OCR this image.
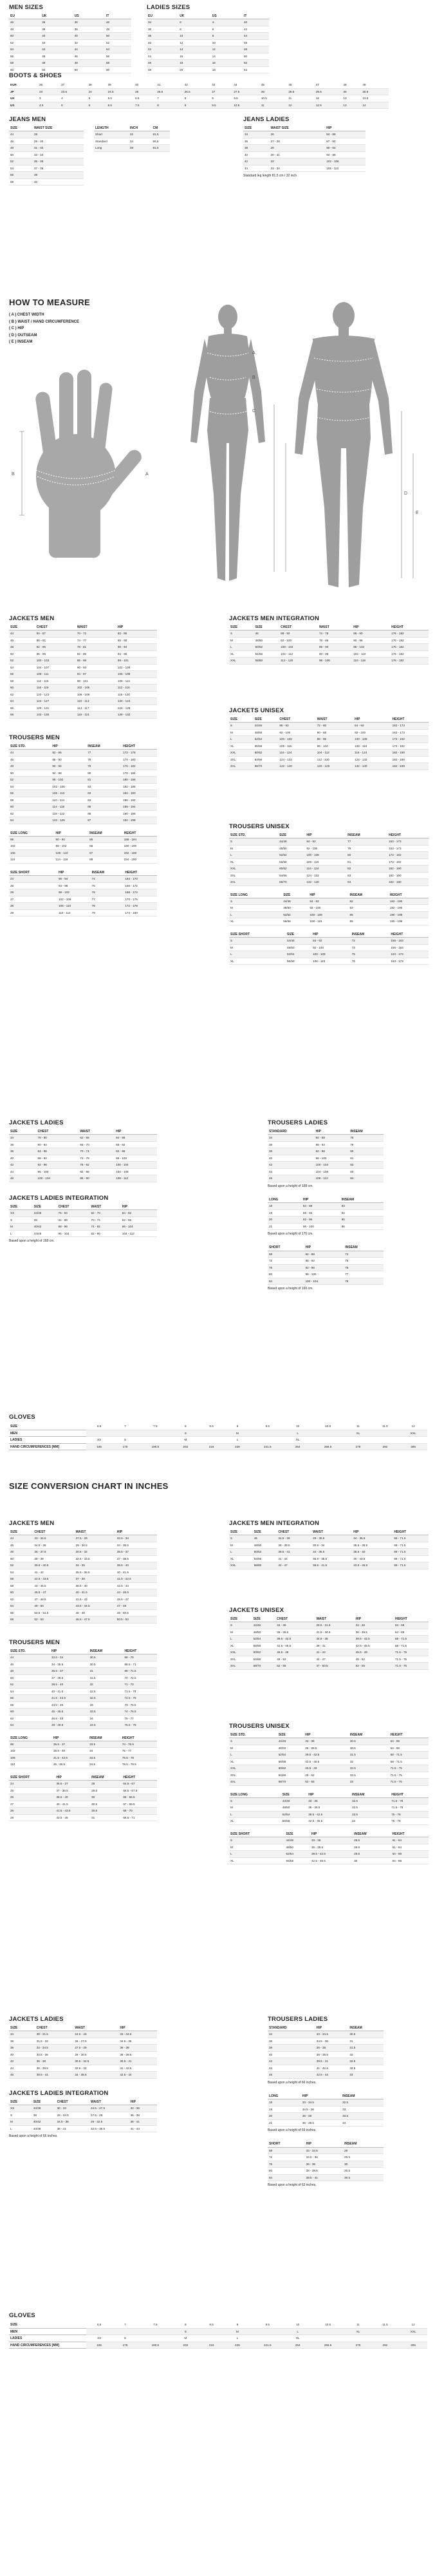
MEN SIZES
EU	UK	US	IT
46	36	36	46
48	38	38	48
50	40	40	50
52	42	42	52
54	44	44	54
56	46	46	56
58	48	48	58
60	50	50	60
LADIES SIZES
EU	UK	US	IT
34	6	4	40
36	8	6	42
38	10	8	44
40	12	10	46
42	14	12	48
44	16	14	50
46	18	16	52
48	20	18	54
BOOTS & SHOES
EUR	36	37	38	39	40	41	42	43	44	45	46	47	48	49
JP	23	23.5	24	24.5	25	25.5	26.5	27	27.5	28	28.5	29.5	30	30.5
UK	3	4	5	5.5	6.5	7	8	9	9.5	10.5	11	12	13	13.5
US	4.5	5	6	6.5	7.5	8	9	9.5	10.5	11	12	12.5	13	14
JEANS MEN
SIZE	WAIST SIZE
44	28
46	29 - 30
48	31 - 32
50	33 - 34
52	35 - 36
54	37 - 38
56	39
58	40
LENGTH	INCH	CM
Short	32	81.5
Standard	34	86.5
Long	36	91.5
JEANS LADIES
SIZE	WAIST SIZE	HIP
34	26	84 - 88
36	27 - 28	87 - 90
38	29	90 - 94
40	30 - 31	94 - 98
42	32	102 - 106
44	33 - 34	106 - 110
Standard leg length 81,5 cm / 32 inch
HOW TO MEASURE
( A ) CHEST WIDTH
( B ) WAIST / HAND CIRCUMFERENCE
( C ) HIP
( D ) OUTSEAM
( E ) INSEAM
B	A
A
B
C
D
E
JACKETS MEN
SIZE	CHEST	WAIST	HIP
44	84 - 87	70 - 73	82 - 86
46	88 - 91	74 - 77	86 - 90
48	92 - 95	78 - 81	90 - 94
50	96 - 99	82 - 85	94 - 98
52	100 - 103	86 - 89	98 - 101
54	104 - 107	90 - 93	101 - 105
56	108 - 111	94 - 97	105 - 108
58	112 - 115	98 - 101	108 - 112
60	116 - 119	102 - 105	112 - 116
62	120 - 123	106 - 109	116 - 120
64	124 - 127	110 - 113	120 - 124
66	128 - 131	114 - 117	124 - 128
68	132 - 135	118 - 121	128 - 132
JACKETS MEN INTEGRATION
SIZE	SIZE	CHEST	WAIST	HIP	HEIGHT
S	46	88 - 92	74 - 78	86 - 90	176 - 182
M	48/50	92 - 100	78 - 86	90 - 98	176 - 182
L	50/52	100 - 104	86 - 90	98 - 102	176 - 182
XL	54/56	104 - 112	90 - 98	102 - 110	176 - 182
XXL	58/60	112 - 120	98 - 106	110 - 118	176 - 182
JACKETS UNISEX
SIZE	SIZE	CHEST	WAIST	HIP	HEIGHT
S	44/46	86 - 92	72 - 80	84 - 92	163 - 173
M	48/50	92 - 100	80 - 88	92 - 100	163 - 173
L	52/54	100 - 108	88 - 96	100 - 108	173 - 182
XL	56/58	108 - 116	96 - 104	108 - 116	173 - 182
XXL	60/62	116 - 124	104 - 112	116 - 124	182 - 190
3XL	64/66	124 - 132	112 - 120	124 - 132	182 - 190
4XL	68/70	132 - 140	120 - 128	132 - 140	182 - 190
TROUSERS MEN
SIZE STD.	HIP	INSEAM	HEIGHT
44	82 - 86	77	172 - 178
46	86 - 90	78	174 - 180
48	90 - 94	79	176 - 182
50	94 - 98	80	178 - 184
52	98 - 102	81	180 - 186
54	102 - 106	82	182 - 188
56	106 - 110	83	184 - 190
58	110 - 114	84	186 - 192
60	114 - 118	85	188 - 194
62	118 - 122	86	190 - 196
64	122 - 126	87	192 - 198
SIZE LONG	HIP	INSEAM	HEIGHT
98	90 - 94	85	188 - 194
102	98 - 102	86	190 - 196
106	106 - 110	87	192 - 198
110	114 - 118	88	194 - 200
SIZE SHORT	HIP	INSEAM	HEIGHT
24	90 - 94	74	164 - 170
25	94 - 98	75	166 - 172
26	98 - 102	76	168 - 174
27	102 - 106	77	170 - 176
28	106 - 110	78	172 - 178
29	110 - 114	79	174 - 180
TROUSERS UNISEX
SIZE STD.	SIZE	HIP	INSEAM	HEIGHT
S	44/46	84 - 92	77	163 - 173
M	48/50	92 - 100	78	163 - 173
L	52/54	100 - 108	80	173 - 182
XL	56/58	108 - 116	81	173 - 182
XXL	60/62	116 - 124	82	182 - 190
3XL	64/66	124 - 132	83	182 - 190
4XL	68/70	132 - 140	84	182 - 190
SIZE LONG	SIZE	HIP	INSEAM	HEIGHT
S	44/46	84 - 92	82	182 - 190
M	48/50	92 - 100	83	182 - 190
L	52/54	100 - 108	85	190 - 198
XL	56/58	108 - 116	86	190 - 198
SIZE SHORT	SIZE	HIP	INSEAM	HEIGHT
S	44/46	84 - 92	72	155 - 163
M	48/50	92 - 100	73	155 - 163
L	52/54	100 - 108	75	163 - 173
XL	56/58	108 - 116	76	163 - 173
JACKETS LADIES
SIZE	CHEST	WAIST	HIP
34	76 - 80	62 - 66	84 - 88
36	80 - 84	66 - 70	88 - 92
38	84 - 88	70 - 74	92 - 96
40	88 - 92	74 - 78	96 - 100
42	92 - 96	78 - 82	100 - 104
44	96 - 100	82 - 86	104 - 108
46	100 - 104	86 - 90	108 - 112
JACKETS LADIES INTEGRATION
SIZE	SIZE	CHEST	WAIST	HIP
XS	34/36	76 - 84	62 - 70	84 - 92
S	38	84 - 88	70 - 74	92 - 96
M	40/42	88 - 96	74 - 82	96 - 104
L	44/46	96 - 104	82 - 90	104 - 112
Based upon a height of 168 cm.
TROUSERS LADIES
STANDARD	HIP	INSEAM
34	84 - 88	78
36	88 - 92	79
38	92 - 96	80
40	96 - 100	81
42	100 - 104	82
44	104 - 108	83
46	108 - 112	84
Based upon a height of 168 cm.
LONG	HIP	INSEAM
18	84 - 88	83
19	88 - 92	84
20	92 - 96	85
21	96 - 100	86
Based upon a height of 176 cm.
SHORT	HIP	INSEAM
68	84 - 88	74
72	88 - 92	75
76	92 - 96	76
80	96 - 100	77
84	100 - 104	78
Based upon a height of 160 cm.
GLOVES
SIZE	6.5	7	7.5	8	8.5	9	9.5	10	10.5	11	11.5	12
MEN				S		M		L		XL		XXL
LADIES	XS	S		M		L		XL				
HAND CIRCUMFERENCES [MM]	165	178	190.5	203	216	229	241.5	254	266.5	279	292	305
SIZE CONVERSION CHART IN INCHES
JACKETS MEN
SIZE	CHEST	WAIST	HIP
44	33 - 34.5	27.5 - 29	32.5 - 34
46	34.5 - 36	29 - 30.5	34 - 35.5
48	36 - 37.5	30.5 - 32	35.5 - 37
50	38 - 39	32.5 - 33.5	37 - 38.5
52	39.5 - 40.5	34 - 35	38.5 - 40
54	41 - 42	35.5 - 36.5	40 - 41.5
56	42.5 - 43.5	37 - 38	41.5 - 42.5
58	44 - 45.5	38.5 - 40	42.5 - 44
60	45.5 - 47	40 - 41.5	44 - 45.5
62	47 - 48.5	41.5 - 43	45.5 - 47
64	49 - 50	43.5 - 44.5	47 - 49
66	50.5 - 51.5	45 - 46	49 - 50.5
68	52 - 53	46.5 - 47.5	50.5 - 52
JACKETS MEN INTEGRATION
SIZE	SIZE	CHEST	WAIST	HIP	HEIGHT
S	46	34.5 - 36	29 - 30.5	34 - 35.5	69 - 71.5
M	48/50	36 - 39.5	30.5 - 34	35.5 - 38.5	69 - 71.5
L	50/52	39.5 - 41	34 - 35.5	38.5 - 40	69 - 71.5
XL	54/56	41 - 44	35.5 - 38.5	40 - 43.5	69 - 71.5
XXL	58/60	44 - 47	38.5 - 41.5	43.5 - 46.5	69 - 71.5
JACKETS UNISEX
SIZE	SIZE	CHEST	WAIST	HIP	HEIGHT
S	44/46	34 - 36	28.5 - 31.5	33 - 36	64 - 68
M	48/50	36 - 39.5	31.5 - 34.5	36 - 39.5	64 - 68
L	52/54	39.5 - 42.5	34.5 - 38	39.5 - 42.5	68 - 71.5
XL	56/58	42.5 - 45.5	38 - 41	42.5 - 45.5	68 - 71.5
XXL	60/62	45.5 - 49	41 - 44	45.5 - 49	71.5 - 75
3XL	64/66	49 - 52	44 - 47	49 - 52	71.5 - 75
4XL	68/70	52 - 55	47 - 50.5	52 - 55	71.5 - 75
TROUSERS MEN
SIZE STD.	HIP	INSEAM	HEIGHT
44	32.5 - 34	30.5	68 - 70
46	34 - 35.5	30.5	68.5 - 71
48	35.5 - 37	31	69 - 71.5
50	37 - 38.5	31.5	70 - 72.5
52	38.5 - 40	32	71 - 73
54	40 - 41.5	32.5	71.5 - 74
56	41.5 - 43.5	32.5	72.5 - 75
58	43.5 - 45	33	73 - 75.5
60	45 - 46.5	33.5	74 - 76.5
62	46.5 - 48	34	75 - 77
64	48 - 49.5	34.5	75.5 - 78
SIZE LONG	HIP	INSEAM	HEIGHT
98	35.5 - 37	33.5	74 - 76.5
102	38.5 - 40	34	75 - 77
106	41.5 - 43.5	34.5	75.5 - 78
110	45 - 46.5	34.5	76.5 - 78.5
SIZE SHORT	HIP	INSEAM	HEIGHT
24	35.5 - 37	29	64.5 - 67
25	37 - 38.5	29.5	65.5 - 67.5
26	38.5 - 40	30	66 - 68.5
27	40 - 41.5	30.5	67 - 69.5
28	41.5 - 43.5	30.5	68 - 70
29	43.5 - 45	31	68.5 - 71
TROUSERS UNISEX
SIZE STD.	SIZE	HIP	INSEAM	HEIGHT
S	44/46	33 - 36	30.5	64 - 68
M	48/50	36 - 39.5	30.5	64 - 68
L	52/54	39.5 - 42.5	31.5	68 - 71.5
XL	56/58	42.5 - 45.5	32	68 - 71.5
XXL	60/62	45.5 - 49	32.5	71.5 - 75
3XL	64/66	49 - 52	32.5	71.5 - 75
4XL	68/70	52 - 55	33	71.5 - 75
SIZE LONG	SIZE	HIP	INSEAM	HEIGHT
S	44/46	33 - 36	32.5	71.5 - 75
M	48/50	36 - 39.5	32.5	71.5 - 75
L	52/54	39.5 - 42.5	33.5	75 - 78
XL	56/58	42.5 - 45.5	34	75 - 78
SIZE SHORT	SIZE	HIP	INSEAM	HEIGHT
S	44/46	33 - 36	28.5	61 - 64
M	48/50	36 - 39.5	28.5	61 - 64
L	52/54	39.5 - 42.5	29.5	64 - 68
XL	56/58	42.5 - 45.5	30	64 - 68
JACKETS LADIES
SIZE	CHEST	WAIST	HIP
34	30 - 31.5	24.5 - 26	33 - 34.5
36	31.5 - 33	26 - 27.5	34.5 - 36
38	33 - 34.5	27.5 - 29	36 - 38
40	34.5 - 36	29 - 30.5	38 - 39.5
42	36 - 38	30.5 - 32.5	39.5 - 41
44	38 - 39.5	32.5 - 34	41 - 42.5
46	39.5 - 41	34 - 35.5	42.5 - 44
JACKETS LADIES INTEGRATION
SIZE	SIZE	CHEST	WAIST	HIP
XS	34/36	30 - 33	24.5 - 27.5	33 - 36
S	38	33 - 34.5	27.5 - 29	36 - 38
M	40/42	34.5 - 38	29 - 32.5	38 - 41
L	44/46	38 - 41	32.5 - 35.5	41 - 44
Based upon a height of 66 inches.
TROUSERS LADIES
STANDARD	HIP	INSEAM
34	33 - 34.5	30.5
36	34.5 - 36	31
38	36 - 38	31.5
40	38 - 39.5	32
42	39.5 - 41	32.5
44	41 - 42.5	32.5
46	42.5 - 44	33
Based upon a height of 66 inches.
LONG	HIP	INSEAM
18	33 - 34.5	32.5
19	34.5 - 36	33
20	36 - 38	33.5
21	38 - 39.5	34
Based upon a height of 69 inches.
SHORT	HIP	INSEAM
68	33 - 34.5	29
72	34.5 - 36	29.5
76	36 - 38	30
80	38 - 39.5	30.5
84	39.5 - 41	30.5
Based upon a height of 63 inches.
GLOVES
SIZE	6.5	7	7.5	8	8.5	9	9.5	10	10.5	11	11.5	12
MEN				S		M		L		XL		XXL
LADIES	XS	S		M		L		XL				
HAND CIRCUMFERENCES [MM]	165	178	190.5	203	216	229	241.5	254	266.5	279	292	305
